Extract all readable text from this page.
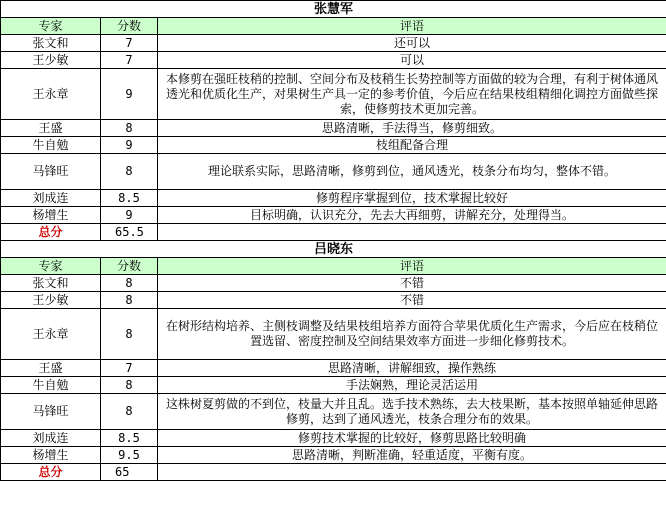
张慧军		
专家	分数	评语
张文和	7	还可以
王少敏	7	可以
王永章	9	本修剪在强旺枝稍的控制、空间分布及枝稍生长势控制等方面做的较为合理，有利于树体通风透光和优质化生产，对果树生产具一定的参考价值，今后应在结果枝组精细化调控方面做些探索，使修剪技术更加完善。
王盛	8	思路清晰，手法得当，修剪细致。
牛自勉	9	枝组配备合理
马锋旺	8	理论联系实际，思路清晰，修剪到位，通风透光，枝条分布均匀，整体不错。
刘成连	8.5	修剪程序掌握到位，技术掌握比较好
杨增生	9	目标明确，认识充分，先去大再细剪，讲解充分，处理得当。
总分	65.5	
吕晓东		
专家	分数	评语
张文和	8	不错
王少敏	8	不错
王永章	8	在树形结构培养、主侧枝调整及结果枝组培养方面符合苹果优质化生产需求，今后应在枝稍位置选留、密度控制及空间结果效率方面进一步细化修剪技术。
王盛	7	思路清晰，讲解细致，操作熟练
牛自勉	8	手法娴熟，理论灵活运用
马锋旺	8	这株树夏剪做的不到位，枝量大并且乱。选手技术熟练，去大枝果断，基本按照单轴延伸思路修剪，达到了通风透光，枝条合理分布的效果。
刘成连	8.5	修剪技术掌握的比较好，修剪思路比较明确
杨增生	9.5	思路清晰，判断准确，轻重适度，平衡有度。
总分	65	
